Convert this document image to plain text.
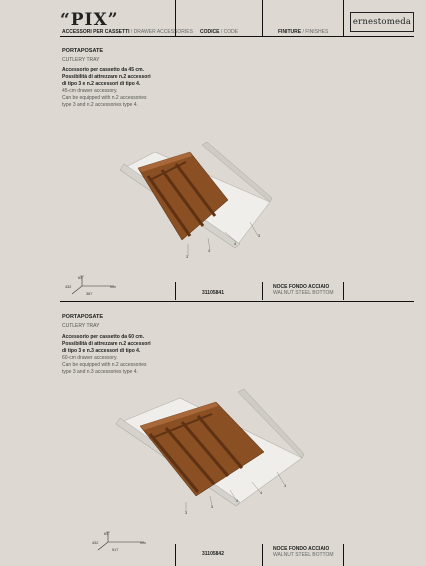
“PIX”
ACCESSORI PER CASSETTI / DRAWER ACCESSORIES CODICE / CODE	FINITURE / FINISHES
ernestomeda
PORTAPOSATE
CUTLERY TRAY
Accessorio per cassetto da 45 cm.
Possibilità di attrezzare n.2 accessori
di tipo 3 e n.2 accessori di tipo 4.
45-cm drawer accessory.
Can be equipped with n.2 accessories
type 3 and n.2 accessories type 4.
3
4
4
3
64
432
367
mm
31105841
NOCE FONDO ACCIAIO
WALNUT STEEL BOTTOM
PORTAPOSATE
CUTLERY TRAY
Accessorio per cassetto da 60 cm.
Possibilità di attrezzare n.2 accessori
di tipo 3 e n.3 accessori di tipo 4.
60-cm drawer accessory.
Can be equipped with n.2 accessories
type 3 and n.3 accessories type 4.
3
4
4
4
3
64
432
517
mm
31105842
NOCE FONDO ACCIAIO
WALNUT STEEL BOTTOM
